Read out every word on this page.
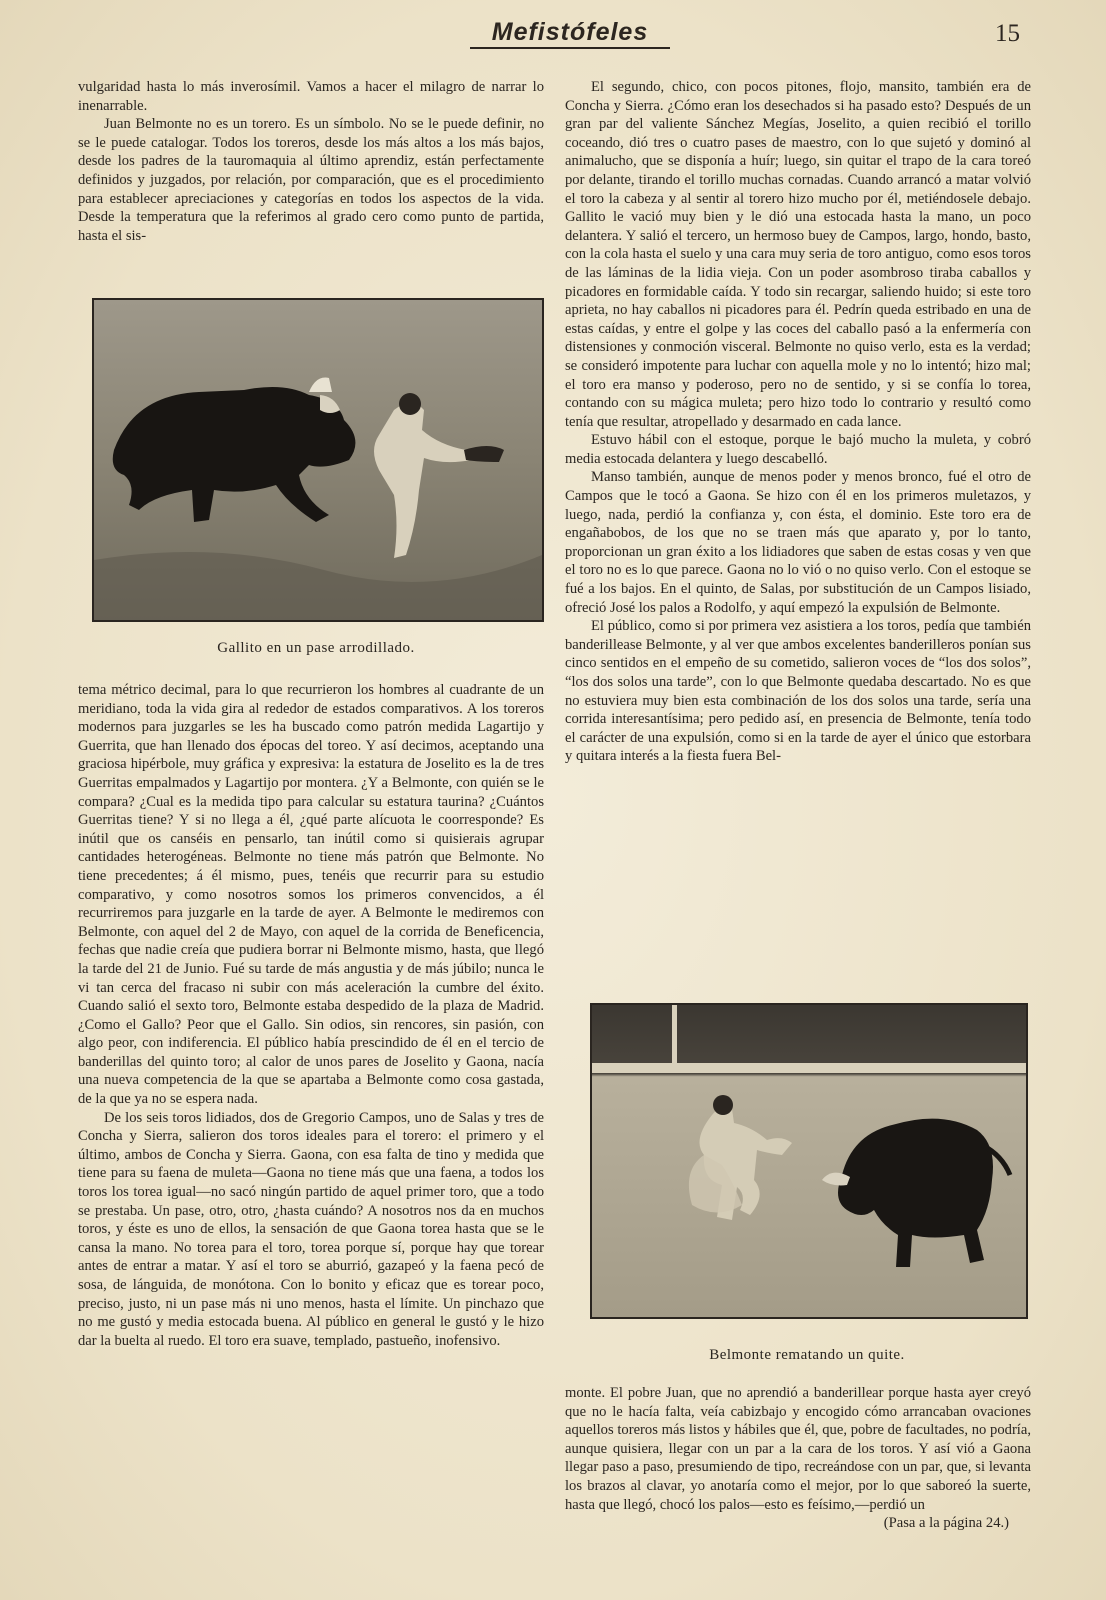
Mefistófeles	15

vulgaridad hasta lo más inverosímil. Vamos a hacer el milagro de narrar lo inenarrable.

Juan Belmonte no es un torero. Es un símbolo. No se le puede definir, no se le puede catalogar. Todos los toreros, desde los más altos a los más bajos, desde los padres de la tauromaquia al último aprendiz, están perfectamente definidos y juzgados, por relación, por comparación, que es el procedimiento para establecer apreciaciones y categorías en todos los aspectos de la vida. Desde la temperatura que la referimos al grado cero como punto de partida, hasta el sis-

Gallito en un pase arrodillado.

tema métrico decimal, para lo que recurrieron los hombres al cuadrante de un meridiano, toda la vida gira al rededor de estados comparativos. A los toreros modernos para juzgarles se les ha buscado como patrón medida Lagartijo y Guerrita, que han llenado dos épocas del toreo. Y así decimos, aceptando una graciosa hipérbole, muy gráfica y expresiva: la estatura de Joselito es la de tres Guerritas empalmados y Lagartijo por montera. ¿Y a Belmonte, con quién se le compara? ¿Cual es la medida tipo para calcular su estatura taurina? ¿Cuántos Guerritas tiene? Y si no llega a él, ¿qué parte alícuota le coorresponde? Es inútil que os canséis en pensarlo, tan inútil como si quisierais agrupar cantidades heterogéneas. Belmonte no tiene más patrón que Belmonte. No tiene precedentes; á él mismo, pues, tenéis que recurrir para su estudio comparativo, y como nosotros somos los primeros convencidos, a él recurriremos para juzgarle en la tarde de ayer. A Belmonte le mediremos con Belmonte, con aquel del 2 de Mayo, con aquel de la corrida de Beneficencia, fechas que nadie creía que pudiera borrar ni Belmonte mismo, hasta, que llegó la tarde del 21 de Junio. Fué su tarde de más angustia y de más júbilo; nunca le vi tan cerca del fracaso ni subir con más aceleración la cumbre del éxito. Cuando salió el sexto toro, Belmonte estaba despedido de la plaza de Madrid. ¿Como el Gallo? Peor que el Gallo. Sin odios, sin rencores, sin pasión, con algo peor, con indiferencia. El público había prescindido de él en el tercio de banderillas del quinto toro; al calor de unos pares de Joselito y Gaona, nacía una nueva competencia de la que se apartaba a Belmonte como cosa gastada, de la que ya no se espera nada.

De los seis toros lidiados, dos de Gregorio Campos, uno de Salas y tres de Concha y Sierra, salieron dos toros ideales para el torero: el primero y el último, ambos de Concha y Sierra. Gaona, con esa falta de tino y medida que tiene para su faena de muleta—Gaona no tiene más que una faena, a todos los toros los torea igual—no sacó ningún partido de aquel primer toro, que a todo se prestaba. Un pase, otro, otro, ¿hasta cuándo? A nosotros nos da en muchos toros, y éste es uno de ellos, la sensación de que Gaona torea hasta que se le cansa la mano. No torea para el toro, torea porque sí, porque hay que torear antes de entrar a matar. Y así el toro se aburrió, gazapeó y la faena pecó de sosa, de lánguida, de monótona. Con lo bonito y eficaz que es torear poco, preciso, justo, ni un pase más ni uno menos, hasta el límite. Un pinchazo que no me gustó y media estocada buena. Al público en general le gustó y le hizo dar la buelta al ruedo. El toro era suave, templado, pastueño, inofensivo.

El segundo, chico, con pocos pitones, flojo, mansito, también era de Concha y Sierra. ¿Cómo eran los desechados si ha pasado esto? Después de un gran par del valiente Sánchez Megías, Joselito, a quien recibió el torillo coceando, dió tres o cuatro pases de maestro, con lo que sujetó y dominó al animalucho, que se disponía a huír; luego, sin quitar el trapo de la cara toreó por delante, tirando el torillo muchas cornadas. Cuando arrancó a matar volvió el toro la cabeza y al sentir al torero hizo mucho por él, metiéndosele debajo. Gallito le vació muy bien y le dió una estocada hasta la mano, un poco delantera. Y salió el tercero, un hermoso buey de Campos, largo, hondo, basto, con la cola hasta el suelo y una cara muy seria de toro antiguo, como esos toros de las láminas de la lidia vieja. Con un poder asombroso tiraba caballos y picadores en formidable caída. Y todo sin recargar, saliendo huido; si este toro aprieta, no hay caballos ni picadores para él. Pedrín queda estribado en una de estas caídas, y entre el golpe y las coces del caballo pasó a la enfermería con distensiones y conmoción visceral. Belmonte no quiso verlo, esta es la verdad; se consideró impotente para luchar con aquella mole y no lo intentó; hizo mal; el toro era manso y poderoso, pero no de sentido, y si se confía lo torea, contando con su mágica muleta; pero hizo todo lo contrario y resultó como tenía que resultar, atropellado y desarmado en cada lance.

Estuvo hábil con el estoque, porque le bajó mucho la muleta, y cobró media estocada delantera y luego descabelló.

Manso también, aunque de menos poder y menos bronco, fué el otro de Campos que le tocó a Gaona. Se hizo con él en los primeros muletazos, y luego, nada, perdió la confianza y, con ésta, el dominio. Este toro era de engañabobos, de los que no se traen más que aparato y, por lo tanto, proporcionan un gran éxito a los lidiadores que saben de estas cosas y ven que el toro no es lo que parece. Gaona no lo vió o no quiso verlo. Con el estoque se fué a los bajos. En el quinto, de Salas, por substitución de un Campos lisiado, ofreció José los palos a Rodolfo, y aquí empezó la expulsión de Belmonte.

El público, como si por primera vez asistiera a los toros, pedía que también banderillease Belmonte, y al ver que ambos excelentes banderilleros ponían sus cinco sentidos en el empeño de su cometido, salieron voces de “los dos solos”, “los dos solos una tarde”, con lo que Belmonte quedaba descartado. No es que no estuviera muy bien esta combinación de los dos solos una tarde, sería una corrida interesantísima; pero pedido así, en presencia de Belmonte, tenía todo el carácter de una expulsión, como si en la tarde de ayer el único que estorbara y quitara interés a la fiesta fuera Bel-

Belmonte rematando un quite.

monte. El pobre Juan, que no aprendió a banderillear porque hasta ayer creyó que no le hacía falta, veía cabizbajo y encogido cómo arrancaban ovaciones aquellos toreros más listos y hábiles que él, que, pobre de facultades, no podría, aunque quisiera, llegar con un par a la cara de los toros. Y así vió a Gaona llegar paso a paso, presumiendo de tipo, recreándose con un par, que, si levanta los brazos al clavar, yo anotaría como el mejor, por lo que saboreó la suerte, hasta que llegó, chocó los palos—esto es feísimo,—perdió un

(Pasa a la página 24.)
